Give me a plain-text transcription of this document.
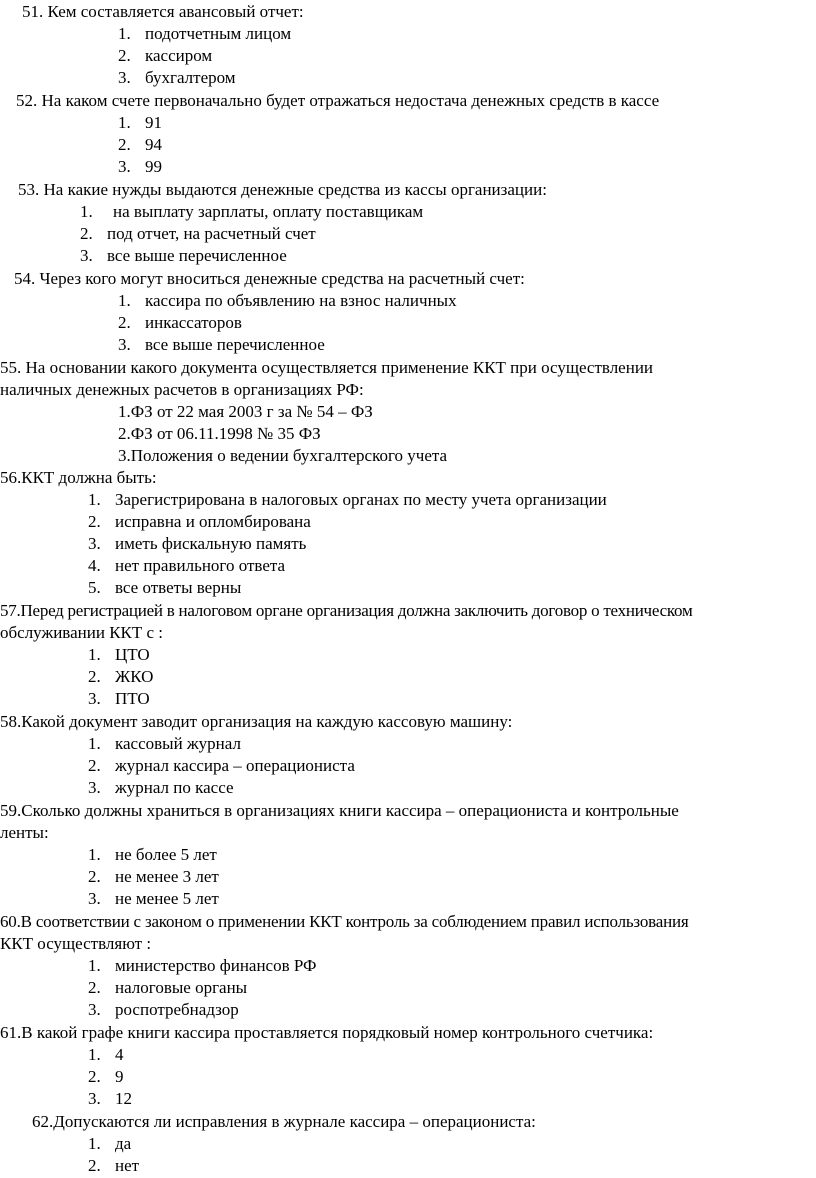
51. Кем составляется авансовый отчет:
1. подотчетным лицом
2. кассиром
3. бухгалтером
52. На каком счете первоначально будет отражаться недостача денежных средств в кассе
1. 91
2. 94
3. 99
53. На какие нужды выдаются денежные средства из кассы организации:
1. на выплату зарплаты, оплату поставщикам
2. под отчет, на расчетный счет
3. все выше перечисленное
54. Через кого могут вноситься денежные средства на расчетный счет:
1. кассира по объявлению на взнос наличных
2. инкассаторов
3. все выше перечисленное
55. На основании какого документа осуществляется применение ККТ при осуществлении
наличных денежных расчетов в организациях РФ:
1.ФЗ от 22 мая 2003 г за № 54 – ФЗ
2.ФЗ от 06.11.1998 № 35 ФЗ
3.Положения о ведении бухгалтерского учета
56.ККТ должна быть:
1. Зарегистрирована в налоговых органах по месту учета организации
2. исправна и опломбирована
3. иметь фискальную память
4. нет правильного ответа
5. все ответы верны
57.Перед регистрацией в налоговом органе организация должна заключить договор о техническом
обслуживании ККТ с :
1. ЦТО
2. ЖКО
3. ПТО
58.Какой документ заводит организация на каждую кассовую машину:
1. кассовый журнал
2. журнал кассира – операциониста
3. журнал по кассе
59.Сколько должны храниться в организациях книги кассира – операциониста и контрольные
ленты:
1. не более 5 лет
2. не менее 3 лет
3. не менее 5 лет
60.В соответствии с законом о применении ККТ контроль за соблюдением правил использования
ККТ осуществляют :
1. министерство финансов РФ
2. налоговые органы
3. роспотребнадзор
61.В какой графе книги кассира проставляется порядковый номер контрольного счетчика:
1. 4
2. 9
3. 12
62.Допускаются ли исправления в журнале кассира – операциониста:
1. да
2. нет
